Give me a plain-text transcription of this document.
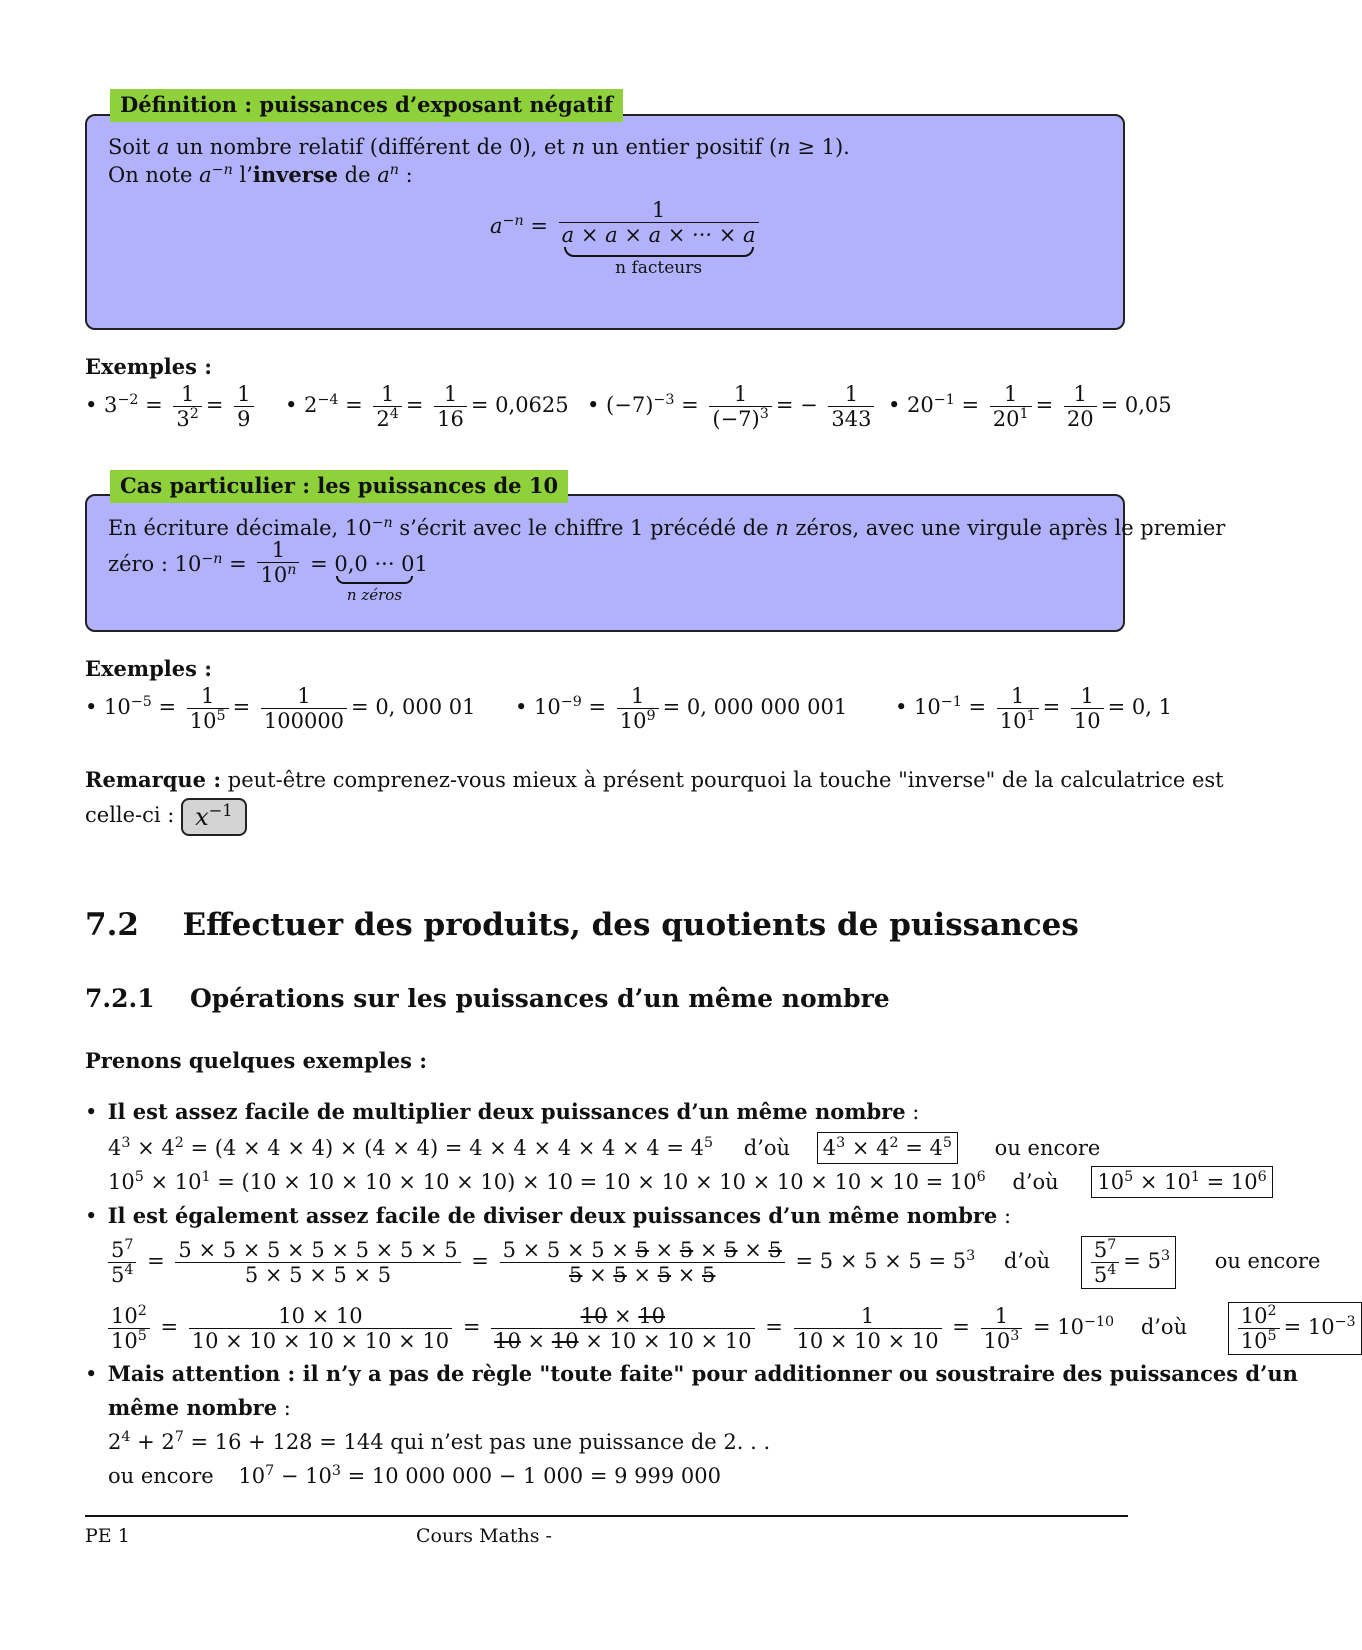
Définition : puissances d’exposant négatif
Soit a un nombre relatif (différent de 0), et n un entier positif (n ≥ 1).
On note $a^{-n}$ l’inverse de $a^n$ :
$a^{-n} = 1$
a × a × a × ··· × a
n facteurs
Exemples :
• $3^{-2} = \frac{1}{3^2} = \frac{1}{9}$ • $2^{-4} = \frac{1}{2^4} = \frac{1}{16} = 0,0625$ • $(-7)^{-3} = \frac{1}{(-7)^3}$ = − $\frac{1}{343}$ • $20^{-1} = \frac{1}{20^1} = \frac{1}{20} = 0,05$
Cas particulier : les puissances de 10
En écriture décimale, $10^{-n}$ s’écrit avec le chiffre 1 précédé de n zéros, avec une virgule après le premier
zéro : $10^{-n} = \frac{1}{10^n} = 0,0$ ··· 0
n zéros
1
Exemples :
• $10^{-5} = \frac{1}{10^5} = \frac{1}{100000} = 0$, 000 01 • $10^{-9} = \frac{1}{10^9} = 0$, 000 000 001 • $10^{-1} = \frac{1}{10^1} = \frac{1}{10} = 0$, 1
Remarque : peut-être comprenez-vous mieux à présent pourquoi la touche "inverse" de la calculatrice est
celle-ci : $x^{-1}$
7.2 Effectuer des produits, des quotients de puissances
7.2.1 Opérations sur les puissances d’un même nombre
Prenons quelques exemples :
• Il est assez facile de multiplier deux puissances d’un même nombre :
$4^3 \times 4^2 = (4 \times 4 \times 4) \times (4 \times 4) = 4 \times 4 \times 4 \times 4 \times 4 = 4^5$ d’où $4^3 \times 4^2 = 4^5$ ou encore
$10^5 \times 10^1 = (10 \times 10 \times 10 \times 10 \times 10) \times 10 = 10 \times 10 \times 10 \times 10 \times 10 \times 10 = 10^6$ d’où $10^5 \times 10^1 = 10^6$
• Il est également assez facile de diviser deux puissances d’un même nombre :
$\frac{5^7}{5^4} = \frac{5 \times 5 \times 5 \times 5 \times 5 \times 5 \times 5}{5 \times 5 \times 5 \times 5} = \frac{5 \times 5 \times 5 \times 5 \times 5 \times 5 \times 5}{5 \times 5 \times 5 \times 5} = 5 \times 5 \times 5 = 5^3$ d’où $\frac{5^7}{5^4} = 5^3$ ou encore
$\frac{10^2}{10^5} = \frac{10 \times 10}{10 \times 10 \times 10 \times 10 \times 10} = \frac{10 \times 10}{10 \times 10 \times 10 \times 10 \times 10} = \frac{1}{10 \times 10 \times 10} = \frac{1}{10^3} = 10^{-10}$ d’où $\frac{10^2}{10^5} = 10^{-3}$
• Mais attention : il n’y a pas de règle "toute faite" pour additionner ou soustraire des puissances d’un
même nombre :
$2^4 + 2^7 = 16 + 128 = 144$ qui n’est pas une puissance de 2. . .
ou encore $10^7 - 10^3 = 10$ 000 000 − 1 000 = 9 999 000
PE 1	Cours Maths -
